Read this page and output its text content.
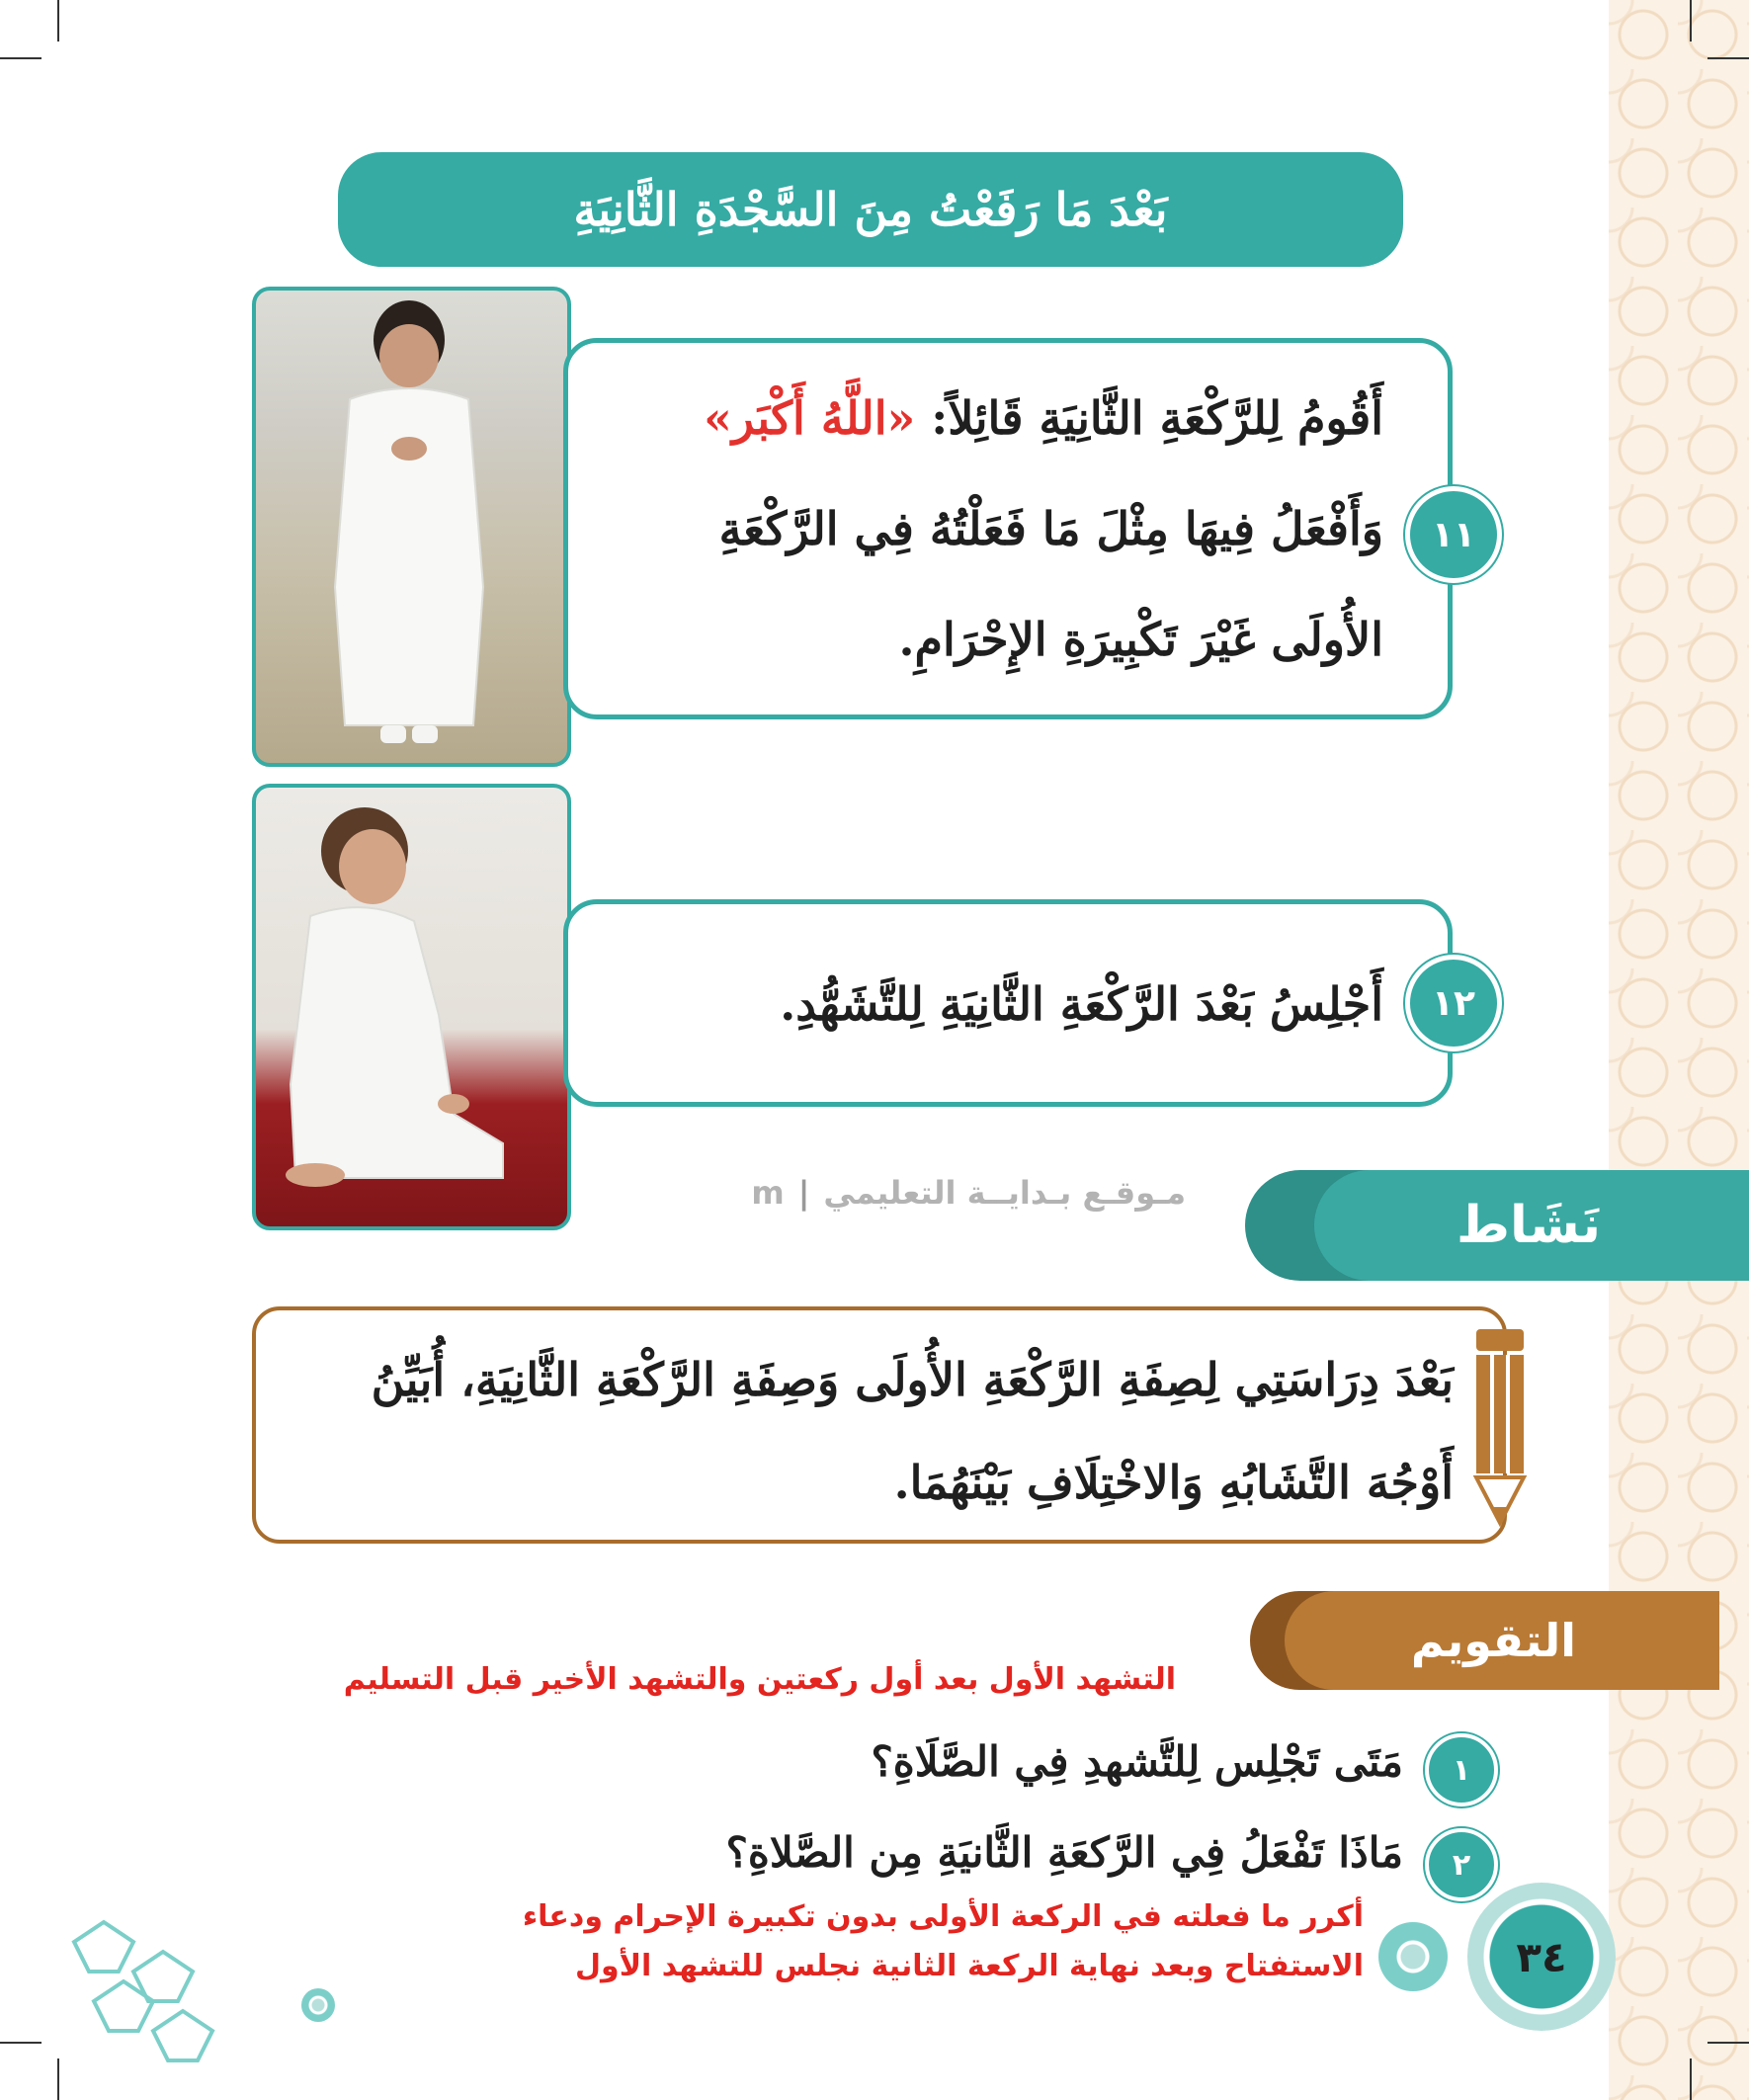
بَعْدَ مَا رَفَعْتُ مِنَ السَّجْدَةِ الثَّانِيَةِ
أَقُومُ لِلرَّكْعَةِ الثَّانِيَةِ قَائِلاً: «اللَّهُ أَكْبَر»
وَأَفْعَلُ فِيهَا مِثْلَ مَا فَعَلْتُهُ فِي الرَّكْعَةِ
الأُولَى غَيْرَ تَكْبِيرَةِ الإِحْرَامِ.
١١
أَجْلِسُ بَعْدَ الرَّكْعَةِ الثَّانِيَةِ لِلتَّشَهُّدِ.	١٢
مـوقـع بـدايــة التعليمي|m
نَشَاط
بَعْدَ دِرَاسَتِي لِصِفَةِ الرَّكْعَةِ الأُولَى وَصِفَةِ الرَّكْعَةِ الثَّانِيَةِ، أُبَيِّنُ
أَوْجُهَ التَّشَابُهِ وَالاخْتِلَافِ بَيْنَهُمَا.
التقويم
التشهد الأول بعد أول ركعتين والتشهد الأخير قبل التسليم
١
مَتَى تَجْلِس لِلتَّشهدِ فِي الصَّلَاةِ؟
٢
مَاذَا تَفْعَلُ فِي الرَّكعَةِ الثَّانيَةِ مِن الصَّلاةِ؟
أكرر ما فعلته في الركعة الأولى بدون تكبيرة الإحرام ودعاء
الاستفتاح وبعد نهاية الركعة الثانية نجلس للتشهد الأول	٣٤
